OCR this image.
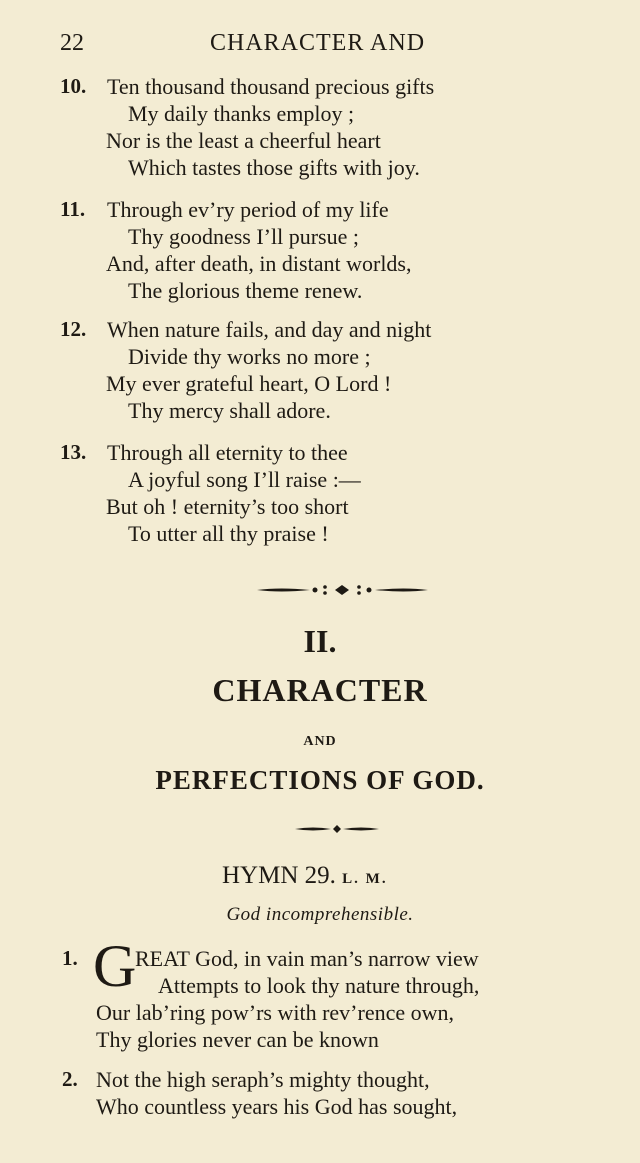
22	CHARACTER AND
10. Ten thousand thousand precious gifts
My daily thanks employ ;
Nor is the least a cheerful heart
Which tastes those gifts with joy.
11. Through ev’ry period of my life
Thy goodness I’ll pursue ;
And, after death, in distant worlds,
The glorious theme renew.
12. When nature fails, and day and night
Divide thy works no more ;
My ever grateful heart, O Lord !
Thy mercy shall adore.
13. Through all eternity to thee
A joyful song I’ll raise :—
But oh ! eternity’s too short
To utter all thy praise !
II.
CHARACTER
AND
PERFECTIONS OF GOD.
HYMN 29. L. M.
God incomprehensible.
1. G
REAT God, in vain man’s narrow view
Attempts to look thy nature through,
Our lab’ring pow’rs with rev’rence own,
Thy glories never can be known
2. Not the high seraph’s mighty thought,
Who countless years his God has sought,
